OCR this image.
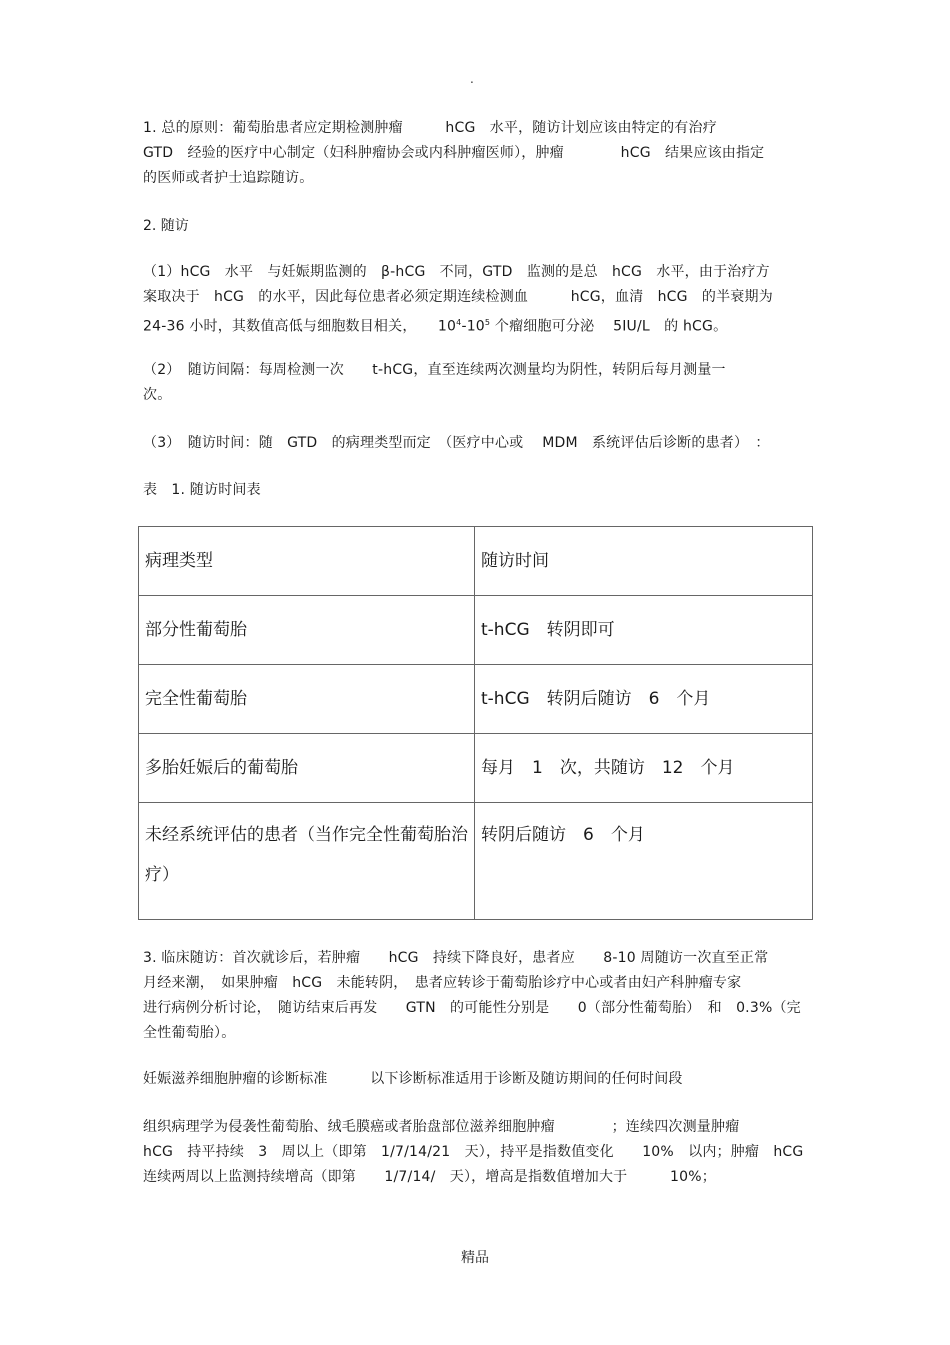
.
1. 总的原则：葡萄胎患者应定期检测肿瘤　　　hCG　水平，随访计划应该由特定的有治疗
GTD　经验的医疗中心制定（妇科肿瘤协会或内科肿瘤医师），肿瘤　　　　hCG　结果应该由指定
的医师或者护士追踪随访。
2. 随访
（1）hCG　水平　与妊娠期监测的　β-hCG　不同，GTD　监测的是总　hCG　水平，由于治疗方
案取决于　hCG　的水平，因此每位患者必须定期连续检测血　　　hCG，血清　hCG　的半衰期为
24-36 小时，其数值高低与细胞数目相关，　　$10^4-10^5$ 个瘤细胞可分泌　 5IU/L　的 hCG。
（2）　随访间隔：每周检测一次　　t-hCG，直至连续两次测量均为阴性，转阴后每月测量一
次。
（3）　随访时间：随　GTD　的病理类型而定　（医疗中心或　 MDM　系统评估后诊断的患者）　：
表　1. 随访时间表
病理类型	随访时间
部分性葡萄胎	t-hCG　转阴即可
完全性葡萄胎	t-hCG　转阴后随访　6　个月
多胎妊娠后的葡萄胎	每月　1　次，共随访　12　个月
未经系统评估的患者（当作完全性葡萄胎治疗）	转阴后随访　6　个月
3. 临床随访：首次就诊后，若肿瘤　　hCG　持续下降良好，患者应　　8-10 周随访一次直至正常
月经来潮，　如果肿瘤　hCG　未能转阴，　患者应转诊于葡萄胎诊疗中心或者由妇产科肿瘤专家
进行病例分析讨论，　随访结束后再发　　GTN　的可能性分别是　　0（部分性葡萄胎）　和　0.3%（完
全性葡萄胎）。
妊娠滋养细胞肿瘤的诊断标准　　　以下诊断标准适用于诊断及随访期间的任何时间段
组织病理学为侵袭性葡萄胎、绒毛膜癌或者胎盘部位滋养细胞肿瘤　　　　；连续四次测量肿瘤
hCG　持平持续　3　周以上（即第　1/7/14/21　天），持平是指数值变化　　10%　以内；肿瘤　hCG
连续两周以上监测持续增高（即第　　1/7/14/　天），增高是指数值增加大于　　　10%；
精品
